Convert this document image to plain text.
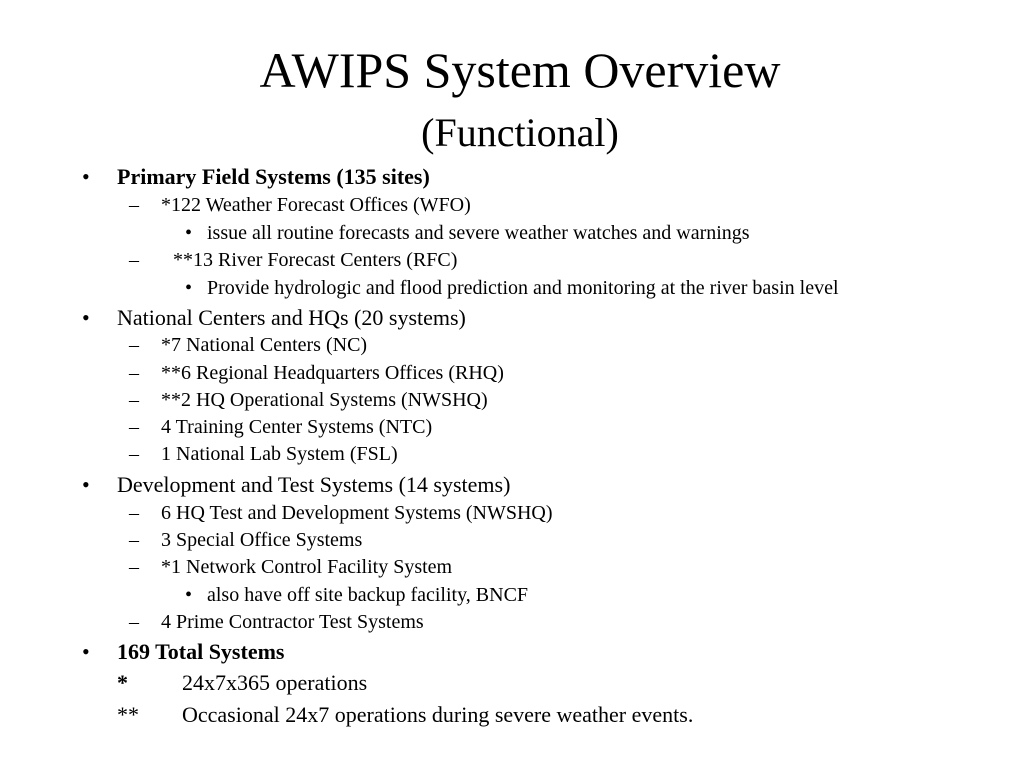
AWIPS System Overview
(Functional)
• Primary Field Systems (135 sites)
– *122 Weather Forecast Offices (WFO)
• issue all routine forecasts and severe weather watches and warnings
– **13 River Forecast Centers (RFC)
• Provide hydrologic and flood prediction and monitoring at the river basin level
• National Centers and HQs (20 systems)
– *7 National Centers (NC)
– **6 Regional Headquarters Offices (RHQ)
– **2 HQ Operational Systems (NWSHQ)
– 4 Training Center Systems (NTC)
– 1 National Lab System (FSL)
• Development and Test Systems (14 systems)
– 6 HQ Test and Development Systems (NWSHQ)
– 3 Special Office Systems
– *1 Network Control Facility System
• also have off site backup facility, BNCF
– 4 Prime Contractor Test Systems
• 169 Total Systems
* 24x7x365 operations
** Occasional 24x7 operations during severe weather events.
